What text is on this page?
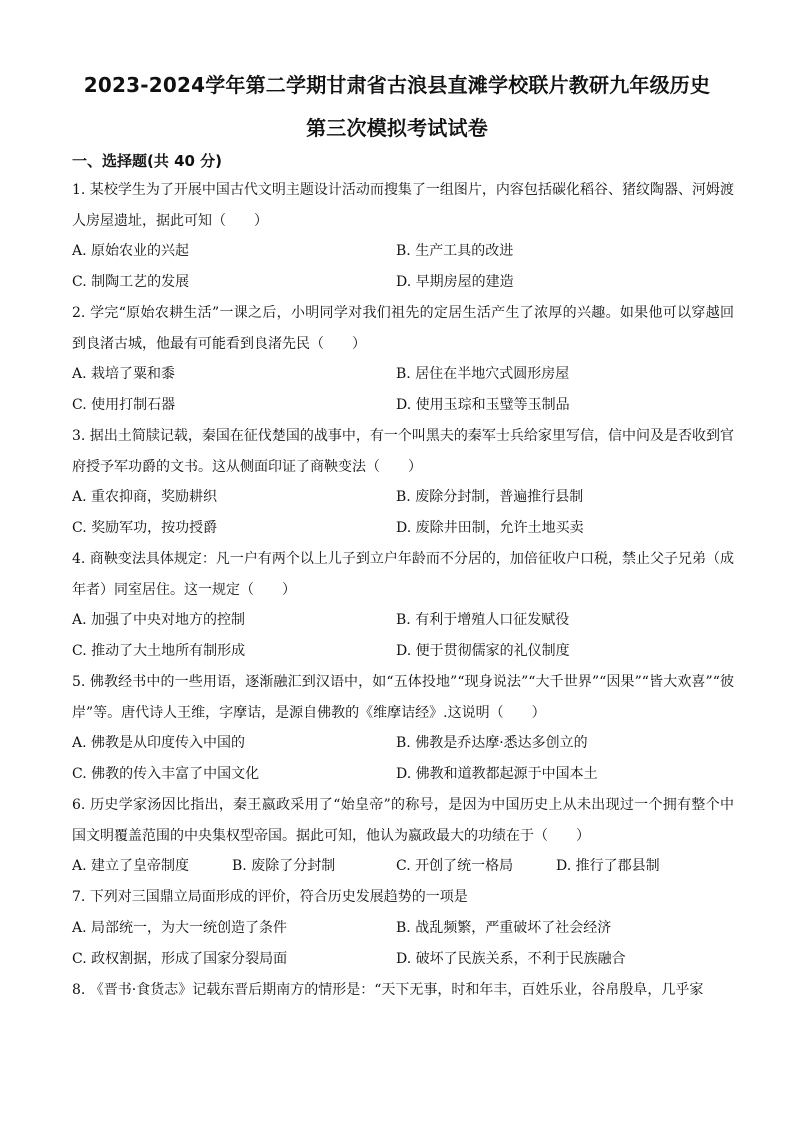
2023-2024学年第二学期甘肃省古浪县直滩学校联片教研九年级历史
第三次模拟考试试卷
一、选择题(共 40 分)
1. 某校学生为了开展中国古代文明主题设计活动而搜集了一组图片，内容包括碳化稻谷、猪纹陶器、河姆渡人房屋遗址，据此可知（　　）
A. 原始农业的兴起	B. 生产工具的改进
C. 制陶工艺的发展	D. 早期房屋的建造
2. 学完“原始农耕生活”一课之后，小明同学对我们祖先的定居生活产生了浓厚的兴趣。如果他可以穿越回到良渚古城，他最有可能看到良渚先民（　　）
A. 栽培了粟和黍	B. 居住在半地穴式圆形房屋
C. 使用打制石器	D. 使用玉琮和玉璧等玉制品
3. 据出土简牍记载，秦国在征伐楚国的战事中，有一个叫黑夫的秦军士兵给家里写信，信中问及是否收到官府授予军功爵的文书。这从侧面印证了商鞅变法（　　）
A. 重农抑商，奖励耕织	B. 废除分封制，普遍推行县制
C. 奖励军功，按功授爵	D. 废除井田制，允许土地买卖
4. 商鞅变法具体规定：凡一户有两个以上儿子到立户年龄而不分居的，加倍征收户口税，禁止父子兄弟（成年者）同室居住。这一规定（　　）
A. 加强了中央对地方的控制	B. 有利于增殖人口征发赋役
C. 推动了大土地所有制形成	D. 便于贯彻儒家的礼仪制度
5. 佛教经书中的一些用语，逐渐融汇到汉语中，如“五体投地”“现身说法”“大千世界”“因果”“皆大欢喜”“彼岸”等。唐代诗人王维，字摩诘，是源自佛教的《维摩诘经》.这说明（　　）
A. 佛教是从印度传入中国的	B. 佛教是乔达摩·悉达多创立的
C. 佛教的传入丰富了中国文化	D. 佛教和道教都起源于中国本土
6. 历史学家汤因比指出，秦王嬴政采用了“始皇帝”的称号，是因为中国历史上从未出现过一个拥有整个中国文明覆盖范围的中央集权型帝国。据此可知，他认为嬴政最大的功绩在于（　　）
A. 建立了皇帝制度	B. 废除了分封制	C. 开创了统一格局	D. 推行了郡县制
7. 下列对三国鼎立局面形成的评价，符合历史发展趋势的一项是
A. 局部统一，为大一统创造了条件	B. 战乱频繁，严重破坏了社会经济
C. 政权割据，形成了国家分裂局面	D. 破坏了民族关系，不利于民族融合
8. 《晋书·食货志》记载东晋后期南方的情形是：“天下无事，时和年丰，百姓乐业，谷帛殷阜，几乎家
